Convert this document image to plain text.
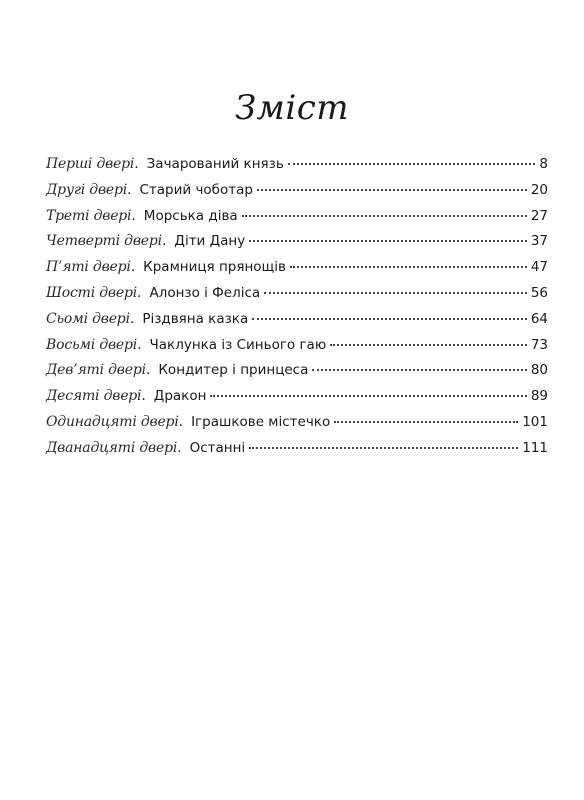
Зміст
Перші двері . Зачарований князь	8
Другі двері . Старий чоботар	20
Треті двері . Морська діва	27
Четверті двері . Діти Дану	37
П’яті двері . Крамниця прянощів	47
Шості двері . Алонзо і Феліса	56
Сьомі двері . Різдвяна казка	64
Восьмі двері . Чаклунка із Синього гаю	73
Дев’яті двері . Кондитер і принцеса	80
Десяті двері . Дракон	89
Одинадцяті двері . Іграшкове містечко	101
Дванадцяті двері . Останні	111
